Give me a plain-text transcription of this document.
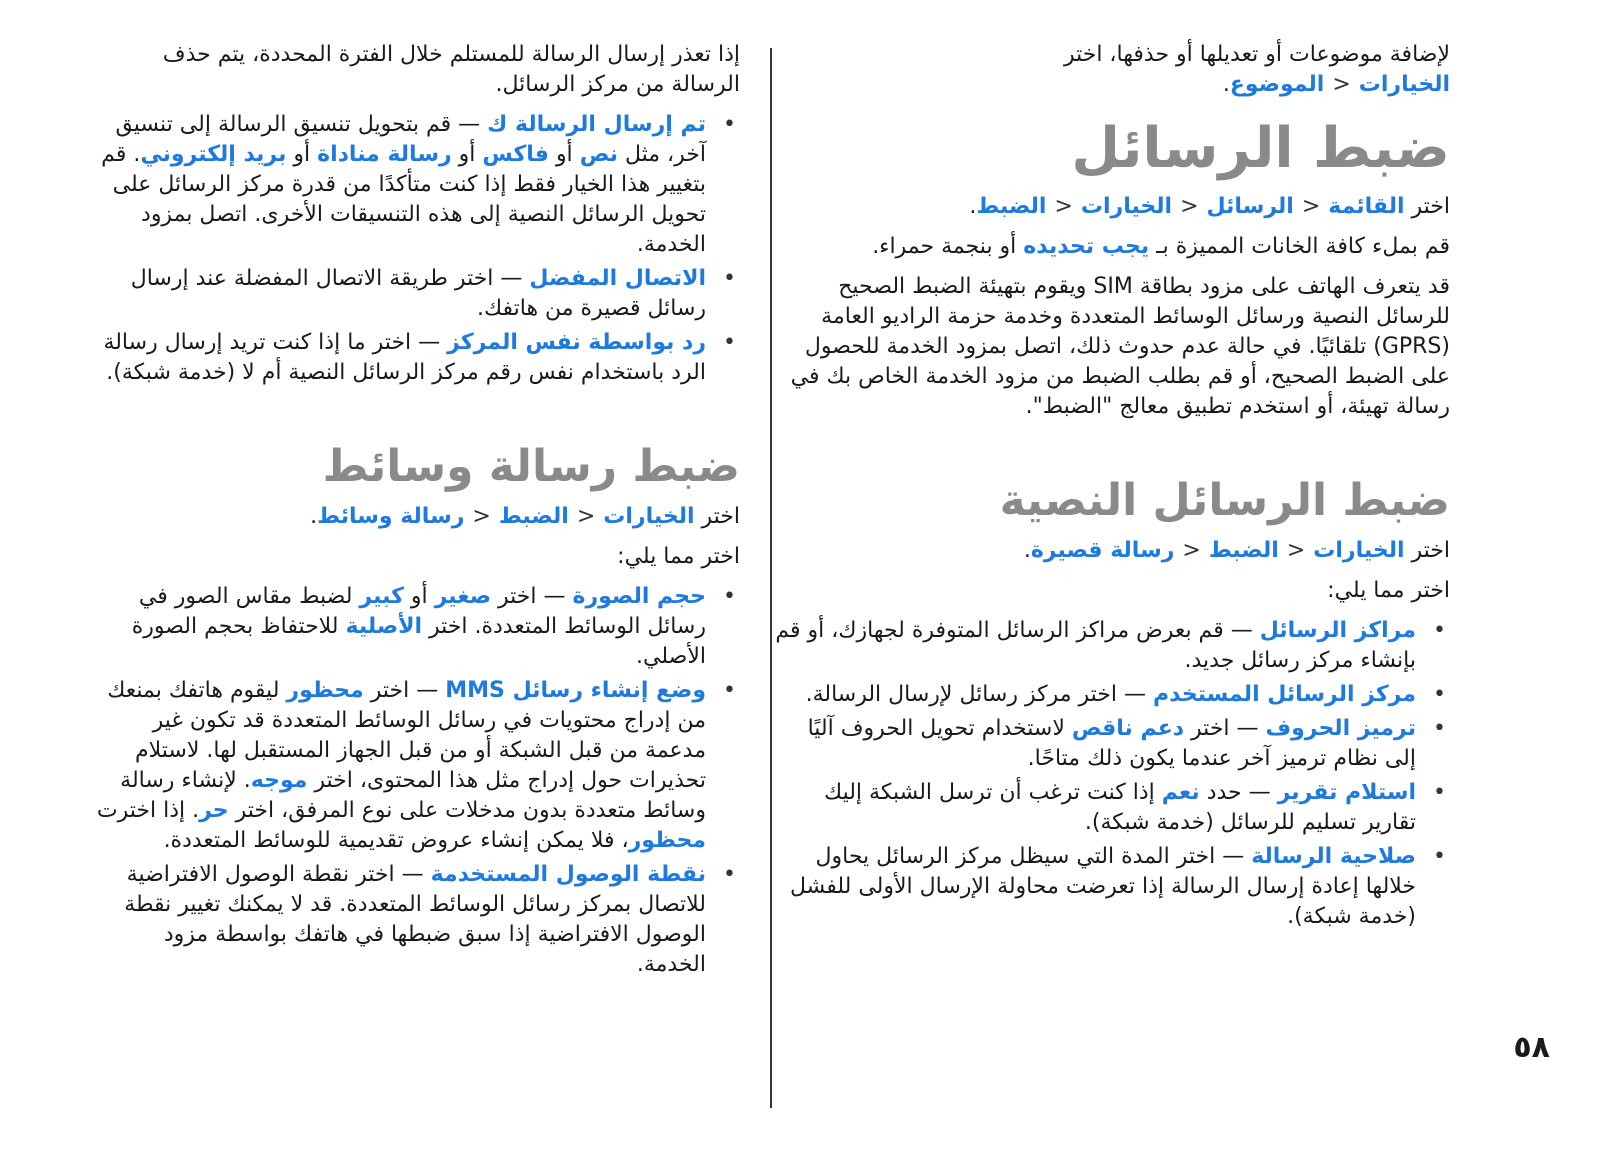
لإضافة موضوعات أو تعديلها أو حذفها، اختر
الخيارات<الموضوع.

ضبط الرسائل

اختر القائمة<الرسائل<الخيارات<الضبط.

قم بملء كافة الخانات المميزة بـ يجب تحديده أو بنجمة حمراء.

قد يتعرف الهاتف على مزود بطاقة SIM ويقوم بتهيئة الضبط الصحيح للرسائل النصية ورسائل الوسائط المتعددة وخدمة حزمة الراديو العامة (GPRS) تلقائيًا. في حالة عدم حدوث ذلك، اتصل بمزود الخدمة للحصول على الضبط الصحيح، أو قم بطلب الضبط من مزود الخدمة الخاص بك في رسالة تهيئة، أو استخدم تطبيق معالج "الضبط".

ضبط الرسائل النصية

اختر الخيارات<الضبط<رسالة قصيرة.

اختر مما يلي:

• مراكز الرسائل — قم بعرض مراكز الرسائل المتوفرة لجهازك، أو قم بإنشاء مركز رسائل جديد.
• مركز الرسائل المستخدم — اختر مركز رسائل لإرسال الرسالة.
• ترميز الحروف — اختر دعم ناقص لاستخدام تحويل الحروف آليًا إلى نظام ترميز آخر عندما يكون ذلك متاحًا.
• استلام تقرير — حدد نعم إذا كنت ترغب أن ترسل الشبكة إليك تقارير تسليم للرسائل (خدمة شبكة).
• صلاحية الرسالة — اختر المدة التي سيظل مركز الرسائل يحاول خلالها إعادة إرسال الرسالة إذا تعرضت محاولة الإرسال الأولى للفشل (خدمة شبكة).

إذا تعذر إرسال الرسالة للمستلم خلال الفترة المحددة، يتم حذف الرسالة من مركز الرسائل.

• تم إرسال الرسالة ك — قم بتحويل تنسيق الرسالة إلى تنسيق آخر، مثل نص أو فاكس أو رسالة مناداة أو بريد إلكتروني. قم بتغيير هذا الخيار فقط إذا كنت متأكدًا من قدرة مركز الرسائل على تحويل الرسائل النصية إلى هذه التنسيقات الأخرى. اتصل بمزود الخدمة.
• الاتصال المفضل — اختر طريقة الاتصال المفضلة عند إرسال رسائل قصيرة من هاتفك.
• رد بواسطة نفس المركز — اختر ما إذا كنت تريد إرسال رسالة الرد باستخدام نفس رقم مركز الرسائل النصية أم لا (خدمة شبكة).
ضبط رسالة وسائط

اختر الخيارات<الضبط<رسالة وسائط.

اختر مما يلي:

• حجم الصورة — اختر صغير أو كبير لضبط مقاس الصور في رسائل الوسائط المتعددة. اختر الأصلية للاحتفاظ بحجم الصورة الأصلي.
• وضع إنشاء رسائل MMS — اختر محظور ليقوم هاتفك بمنعك من إدراج محتويات في رسائل الوسائط المتعددة قد تكون غير مدعمة من قبل الشبكة أو من قبل الجهاز المستقبل لها. لاستلام تحذيرات حول إدراج مثل هذا المحتوى، اختر موجه. لإنشاء رسالة وسائط متعددة بدون مدخلات على نوع المرفق، اختر حر. إذا اخترت محظور، فلا يمكن إنشاء عروض تقديمية للوسائط المتعددة.
• نقطة الوصول المستخدمة — اختر نقطة الوصول الافتراضية للاتصال بمركز رسائل الوسائط المتعددة. قد لا يمكنك تغيير نقطة الوصول الافتراضية إذا سبق ضبطها في هاتفك بواسطة مزود الخدمة.
٥٨
